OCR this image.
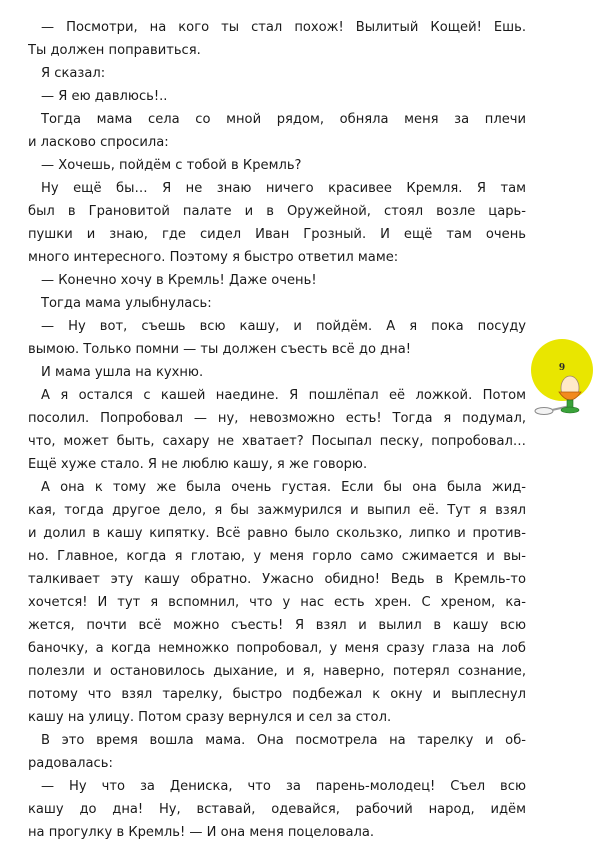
— Посмотри, на кого ты стал похож! Вылитый Кощей! Ешь.
Ты должен поправиться.
Я сказал:
— Я ею давлюсь!..
Тогда мама села со мной рядом, обняла меня за плечи
и ласково спросила:
— Хочешь, пойдём с тобой в Кремль?
Ну ещё бы… Я не знаю ничего красивее Кремля. Я там
был в Грановитой палате и в Оружейной, стоял возле царь-
пушки и знаю, где сидел Иван Грозный. И ещё там очень
много интересного. Поэтому я быстро ответил маме:
— Конечно хочу в Кремль! Даже очень!
Тогда мама улыбнулась:
— Ну вот, съешь всю кашу, и пойдём. А я пока посуду
вымою. Только помни — ты должен съесть всё до дна!
И мама ушла на кухню.
А я остался с кашей наедине. Я пошлёпал её ложкой. Потом
посолил. Попробовал — ну, невозможно есть! Тогда я подумал,
что, может быть, сахару не хватает? Посыпал песку, попробовал…
Ещё хуже стало. Я не люблю кашу, я же говорю.
А она к тому же была очень густая. Если бы она была жид-
кая, тогда другое дело, я бы зажмурился и выпил её. Тут я взял
и долил в кашу кипятку. Всё равно было скользко, липко и против-
но. Главное, когда я глотаю, у меня горло само сжимается и вы-
талкивает эту кашу обратно. Ужасно обидно! Ведь в Кремль-то
хочется! И тут я вспомнил, что у нас есть хрен. С хреном, ка-
жется, почти всё можно съесть! Я взял и вылил в кашу всю
баночку, а когда немножко попробовал, у меня сразу глаза на лоб
полезли и остановилось дыхание, и я, наверно, потерял сознание,
потому что взял тарелку, быстро подбежал к окну и выплеснул
кашу на улицу. Потом сразу вернулся и сел за стол.
В это время вошла мама. Она посмотрела на тарелку и об-
радовалась:
— Ну что за Дениска, что за парень-молодец! Съел всю
кашу до дна! Ну, вставай, одевайся, рабочий народ, идём
на прогулку в Кремль! — И она меня поцеловала.
9
